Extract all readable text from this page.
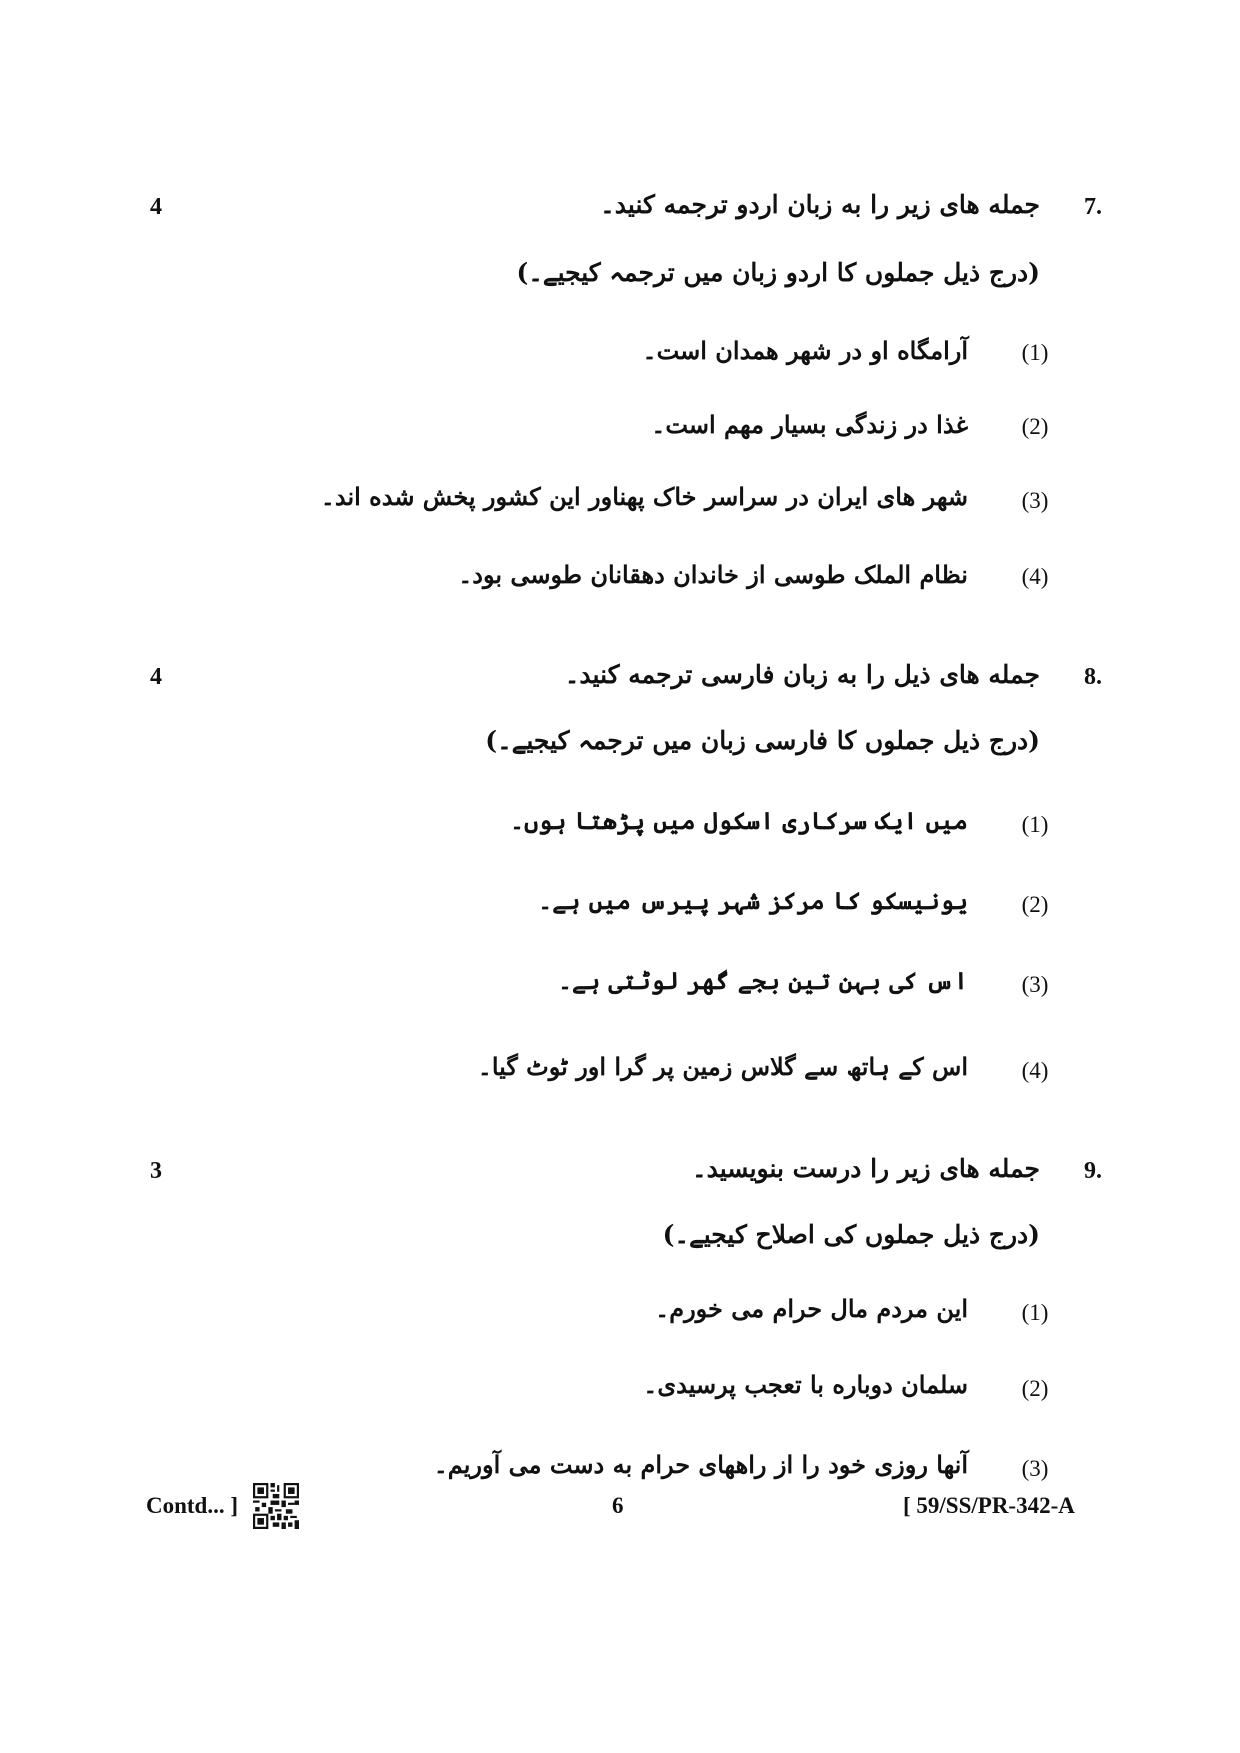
7.
4	جمله های زیر را به زبان اردو ترجمه کنید۔
(درج ذیل جملوں کا اردو زبان میں ترجمہ کیجیے۔)
(1)
آرامگاه او در شهر همدان است۔
(2)
غذا در زندگی بسیار مهم است۔
(3)
شهر های ایران در سراسر خاک پهناور این کشور پخش شده اند۔
(4)
نظام الملک طوسی از خاندان دهقانان طوسی بود۔
8.
4	جمله های ذیل را به زبان فارسی ترجمه کنید۔
(درج ذیل جملوں کا فارسی زبان میں ترجمہ کیجیے۔)
(1)
میں ایک سرکاری اسکول میں پڑھتا ہوں۔
(2)
یونیسکو کا مرکز شہر پیرس میں ہے۔
(3)
اس کی بہن تین بجے گھر لوٹتی ہے۔
(4)
اس کے ہاتھ سے گلاس زمین پر گرا اور ٹوٹ گیا۔
9.
3	جمله های زیر را درست بنویسید۔
(درج ذیل جملوں کی اصلاح کیجیے۔)
(1)
این مردم مال حرام می خورم۔
(2)
سلمان دوباره با تعجب پرسیدی۔
(3)
آنها روزی خود را از راههای حرام به دست می آوریم۔
Contd... ]	6	[ 59/SS/PR-342-A
